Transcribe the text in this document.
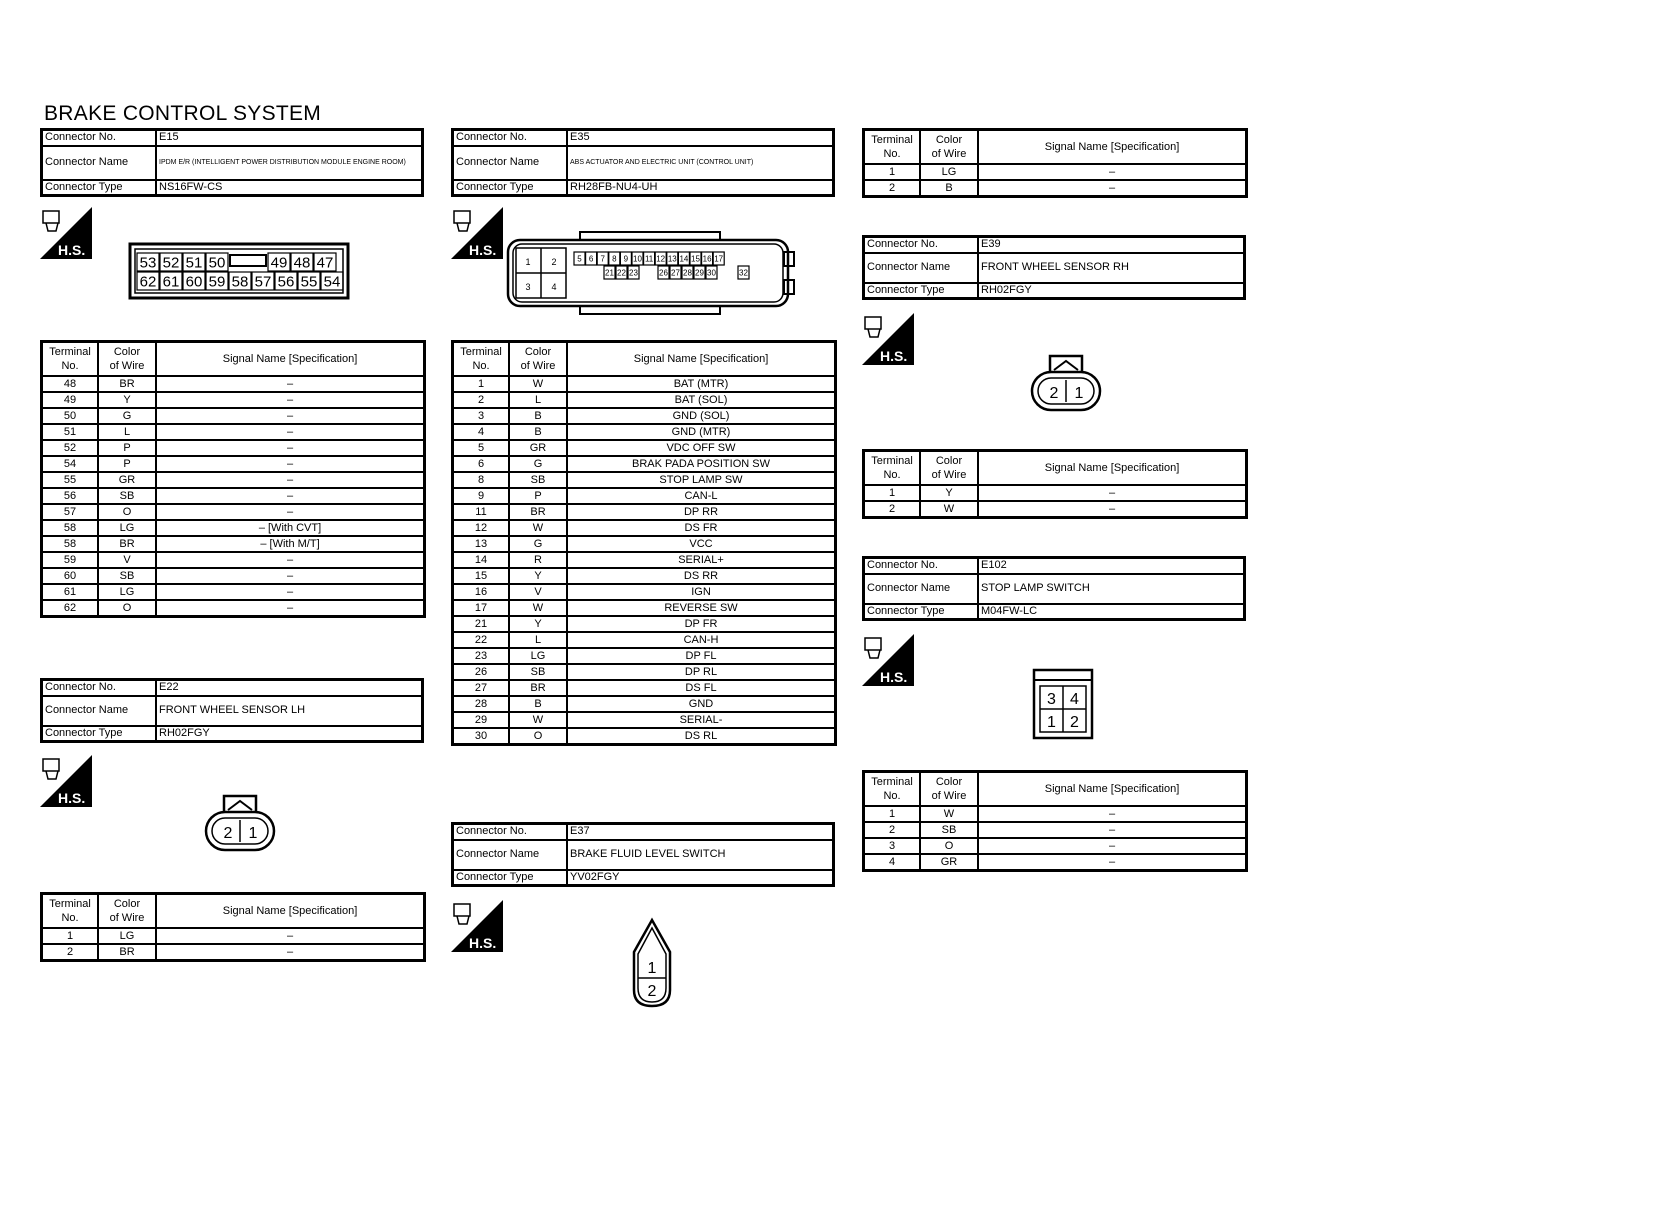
BRAKE CONTROL SYSTEM
Connector No.	E15
Connector Name	IPDM E/R (INTELLIGENT POWER DISTRIBUTION MODULE ENGINE ROOM)
Connector Type	NS16FW-CS
H.S.
53 52 51 50	49 48 47
62 61 60 59 58 57 56 55 54
Terminal
No.	Color
of Wire	Signal Name [Specification]
48	BR	–
49	Y	–
50	G	–
51	L	–
52	P	–
54	P	–
55	GR	–
56	SB	–
57	O	–
58	LG	– [With CVT]
58	BR	– [With M/T]
59	V	–
60	SB	–
61	LG	–
62	O	–
Connector No.	E22
Connector Name	FRONT WHEEL SENSOR LH
Connector Type	RH02FGY
H.S.
2 1
Terminal
No.	Color
of Wire	Signal Name [Specification]
1	LG	–
2	BR	–
Connector No.	E35
Connector Name	ABS ACTUATOR AND ELECTRIC UNIT (CONTROL UNIT)
Connector Type	RH28FB-NU4-UH
H.S.
1 2
3 4
5 6 7 8 9 10 11 12 13 14 15 16 17
21 22 23	26 27 28 29 30	32
Terminal
No.	Color
of Wire	Signal Name [Specification]
1	W	BAT (MTR)
2	L	BAT (SOL)
3	B	GND (SOL)
4	B	GND (MTR)
5	GR	VDC OFF SW
6	G	BRAK PADA POSITION SW
8	SB	STOP LAMP SW
9	P	CAN-L
11	BR	DP RR
12	W	DS FR
13	G	VCC
14	R	SERIAL+
15	Y	DS RR
16	V	IGN
17	W	REVERSE SW
21	Y	DP FR
22	L	CAN-H
23	LG	DP FL
26	SB	DP RL
27	BR	DS FL
28	B	GND
29	W	SERIAL-
30	O	DS RL
Connector No.	E37
Connector Name	BRAKE FLUID LEVEL SWITCH
Connector Type	YV02FGY
H.S.
1
2
Terminal
No.	Color
of Wire	Signal Name [Specification]
1	LG	–
2	B	–
Connector No.	E39
Connector Name	FRONT WHEEL SENSOR RH
Connector Type	RH02FGY
H.S.
2 1
Terminal
No.	Color
of Wire	Signal Name [Specification]
1	Y	–
2	W	–
Connector No.	E102
Connector Name	STOP LAMP SWITCH
Connector Type	M04FW-LC
H.S.
3 4
1 2
Terminal
No.	Color
of Wire	Signal Name [Specification]
1	W	–
2	SB	–
3	O	–
4	GR	–
